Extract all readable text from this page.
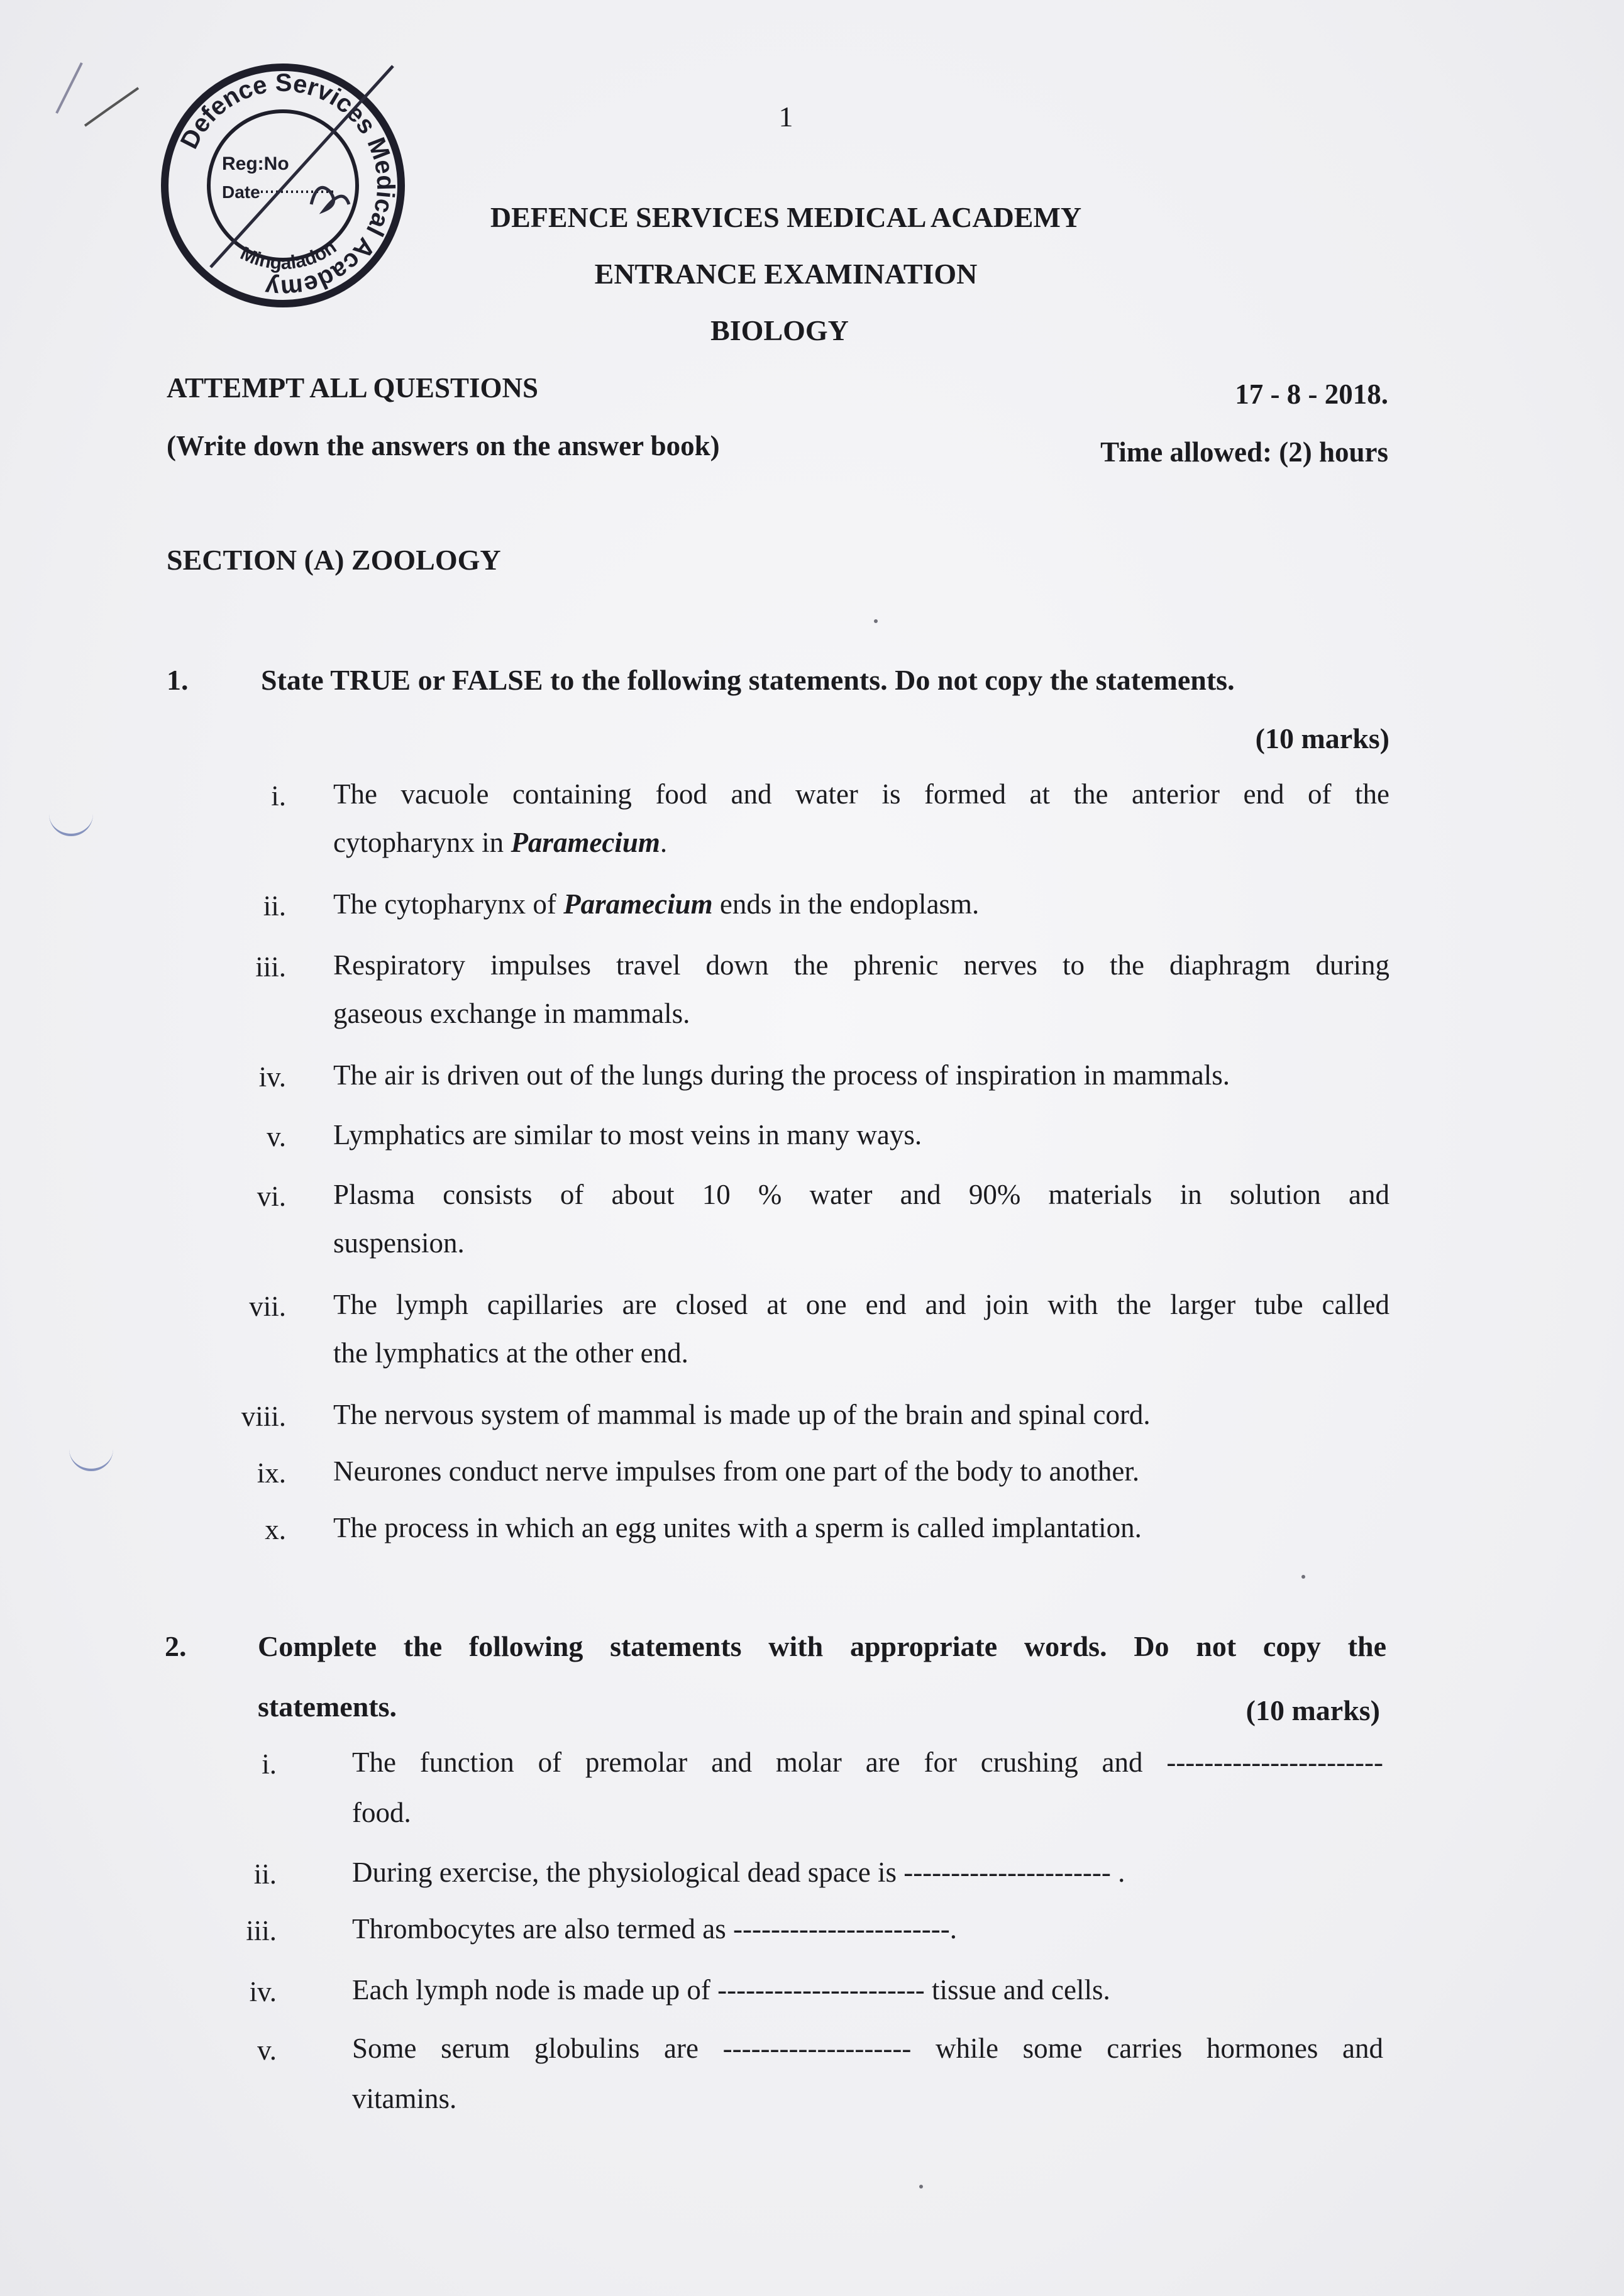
Defence Services Medical Academy
Mingaladon
Reg:No
Date
1
DEFENCE SERVICES MEDICAL ACADEMY
ENTRANCE EXAMINATION
BIOLOGY
ATTEMPT ALL QUESTIONS	17 - 8 - 2018.
(Write down the answers on the answer book)	Time allowed: (2) hours
SECTION (A) ZOOLOGY
1.	State TRUE or FALSE to the following statements. Do not copy the statements.
(10 marks)
i. The vacuole containing food and water is formed at the anterior end of the
cytopharynx in Paramecium.
ii. The cytopharynx of Paramecium ends in the endoplasm.
iii. Respiratory impulses travel down the phrenic nerves to the diaphragm during
gaseous exchange in mammals.
iv. The air is driven out of the lungs during the process of inspiration in mammals.
v. Lymphatics are similar to most veins in many ways.
vi. Plasma consists of about 10 % water and 90% materials in solution and
suspension.
vii. The lymph capillaries are closed at one end and join with the larger tube called
the lymphatics at the other end.
viii. The nervous system of mammal is made up of the brain and spinal cord.
ix. Neurones conduct nerve impulses from one part of the body to another.
x. The process in which an egg unites with a sperm is called implantation.
2. Complete the following statements with appropriate words. Do not copy the
statements.	(10 marks)
i.	The function of premolar and molar are for crushing and -----------------------
food.
ii.	During exercise, the physiological dead space is ---------------------- .
iii.	Thrombocytes are also termed as -----------------------.
iv.	Each lymph node is made up of ---------------------- tissue and cells.
v.	Some serum globulins are -------------------- while some carries hormones and
vitamins.
